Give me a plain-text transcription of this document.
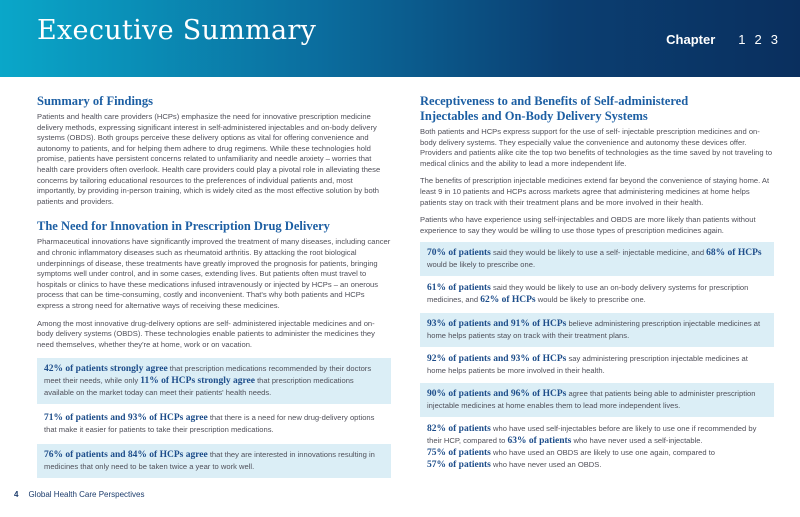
Executive Summary	Chapter 1 2 3
Summary of Findings

Patients and health care providers (HCPs) emphasize the need for innovative prescription medicine delivery methods, expressing significant interest in self-administered injectables and on-body delivery systems (OBDS). Both groups perceive these delivery options as vital for offering convenience and autonomy to patients, and for helping them adhere to drug regimens. While these technologies hold promise, patients have persistent concerns related to unfamiliarity and needle anxiety – worries that health care providers often overlook. Health care providers could play a pivotal role in alleviating these concerns by tailoring educational resources to the preferences of individual patients and, most importantly, by providing in-person training, which is widely cited as the most effective solution by both patients and providers.

The Need for Innovation in Prescription Drug Delivery

Pharmaceutical innovations have significantly improved the treatment of many diseases, including cancer and chronic inflammatory diseases such as rheumatoid arthritis. By attacking the root biological underpinnings of disease, these treatments have greatly improved the prognosis for patients, bringing symptoms well under control, and in some cases, extending lives. But patients often must travel to hospitals or clinics to have these medications infused intravenously or injected by HCPs – an onerous process that can be time-consuming, costly and inconvenient. That's why both patients and HCPs express a strong need for alternative ways of receiving these medicines.

Among the most innovative drug-delivery options are self- administered injectable medicines and on-body delivery systems (OBDS). These technologies enable patients to administer the medicines they need themselves, whether they're at home, work or on vacation.

42% of patients strongly agree that prescription medications recommended by their doctors meet their needs, while only 11% of HCPs strongly agree that prescription medications available on the market today can meet their patients' health needs.
71% of patients and 93% of HCPs agree that there is a need for new drug-delivery options that make it easier for patients to take their prescription medications.
76% of patients and 84% of HCPs agree that they are interested in innovations resulting in medicines that only need to be taken twice a year to work well.
Receptiveness to and Benefits of Self-administered
Injectables and On-Body Delivery Systems

Both patients and HCPs express support for the use of self- injectable prescription medicines and on-body delivery systems. They especially value the convenience and autonomy these devices offer. Providers and patients alike cite the top two benefits of technologies as the time saved by not traveling to medical clinics and the ability to lead a more independent life.

The benefits of prescription injectable medicines extend far beyond the convenience of staying home. At least 9 in 10 patients and HCPs across markets agree that administering medicines at home helps patients stay on track with their treatment plans and be more involved in their health.

Patients who have experience using self-injectables and OBDS are more likely than patients without experience to say they would be willing to use those types of prescription medicines again.

70% of patients said they would be likely to use a self- injectable medicine, and 68% of HCPs would be likely to prescribe one.
61% of patients said they would be likely to use an on-body delivery systems for prescription medicines, and 62% of HCPs would be likely to prescribe one.
93% of patients and 91% of HCPs believe administering prescription injectable medicines at home helps patients stay on track with their treatment plans.
92% of patients and 93% of HCPs say administering prescription injectable medicines at home helps patients be more involved in their health.
90% of patients and 96% of HCPs agree that patients being able to administer prescription injectable medicines at home enables them to lead more independent lives.
82% of patients who have used self-injectables before are likely to use one if recommended by their HCP, compared to 63% of patients who have never used a self-injectable.
75% of patients who have used an OBDS are likely to use one again, compared to
57% of patients who have never used an OBDS.
4 Global Health Care Perspectives
